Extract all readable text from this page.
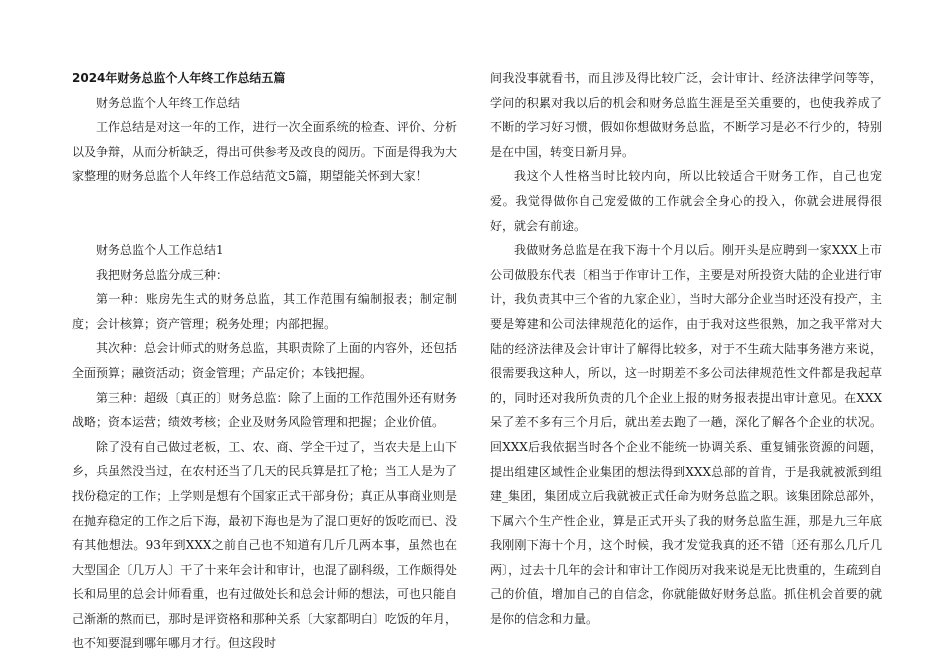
2024年财务总监个人年终工作总结五篇

财务总监个人年终工作总结

工作总结是对这一年的工作，进行一次全面系统的检查、评价、分析以及争辩，从而分析缺乏，得出可供参考及改良的阅历。下面是得我为大家整理的财务总监个人年终工作总结范文5篇，期望能关怀到大家！

财务总监个人工作总结1

我把财务总监分成三种：

第一种：账房先生式的财务总监，其工作范围有编制报表；制定制度；会计核算；资产管理；税务处理；内部把握。

其次种：总会计师式的财务总监，其职责除了上面的内容外，还包括全面预算；融资活动；资金管理；产品定价；本钱把握。

第三种：超级〔真正的〕财务总监：除了上面的工作范围外还有财务战略；资本运营；绩效考核；企业及财务风险管理和把握；企业价值。

除了没有自己做过老板，工、农、商、学全干过了，当农夫是上山下乡，兵虽然没当过，在农村还当了几天的民兵算是扛了枪；当工人是为了找份稳定的工作；上学则是想有个国家正式干部身份；真正从事商业则是在抛弃稳定的工作之后下海，最初下海也是为了混口更好的饭吃而已、没有其他想法。93年到XXX之前自己也不知道有几斤几两本事，虽然也在大型国企〔几万人〕干了十来年会计和审计，也混了副科级，工作颇得处长和局里的总会计师看重，也有过做处长和总会计师的想法，可也只能自己渐渐的熬而已，那时是评资格和那种关系〔大家都明白〕吃饭的年月，也不知要混到哪年哪月才行。但这段时

间我没事就看书，而且涉及得比较广泛，会计审计、经济法律学问等等，学问的积累对我以后的机会和财务总监生涯是至关重要的，也使我养成了不断的学习好习惯，假如你想做财务总监，不断学习是必不行少的，特别是在中国，转变日新月异。

我这个人性格当时比较内向，所以比较适合干财务工作，自己也宠爱。我觉得做你自己宠爱做的工作就会全身心的投入，你就会进展得很好，就会有前途。

我做财务总监是在我下海十个月以后。刚开头是应聘到一家XXX上市公司做股东代表〔相当于作审计工作，主要是对所投资大陆的企业进行审计，我负责其中三个省的九家企业〕，当时大部分企业当时还没有投产，主要是筹建和公司法律规范化的运作，由于我对这些很熟，加之我平常对大陆的经济法律及会计审计了解得比较多，对于不生疏大陆事务港方来说，很需要我这种人，所以，这一时期差不多公司法律规范性文件都是我起草的，同时还对我所负责的几个企业上报的财务报表提出审计意见。在XXX呆了差不多有三个月后，就出差去跑了一趟，深化了解各个企业的状况。回XXX后我依据当时各个企业不能统一协调关系、重复铺张资源的问题，提出组建区域性企业集团的想法得到XXX总部的首肯，于是我就被派到组建_集团，集团成立后我就被正式任命为财务总监之职。该集团除总部外，下属六个生产性企业，算是正式开头了我的财务总监生涯，那是九三年底我刚刚下海十个月，这个时候，我才发觉我真的还不错〔还有那么几斤几两〕，过去十几年的会计和审计工作阅历对我来说是无比贵重的，生疏到自己的价值，增加自己的自信念，你就能做好财务总监。抓住机会首要的就是你的信念和力量。
